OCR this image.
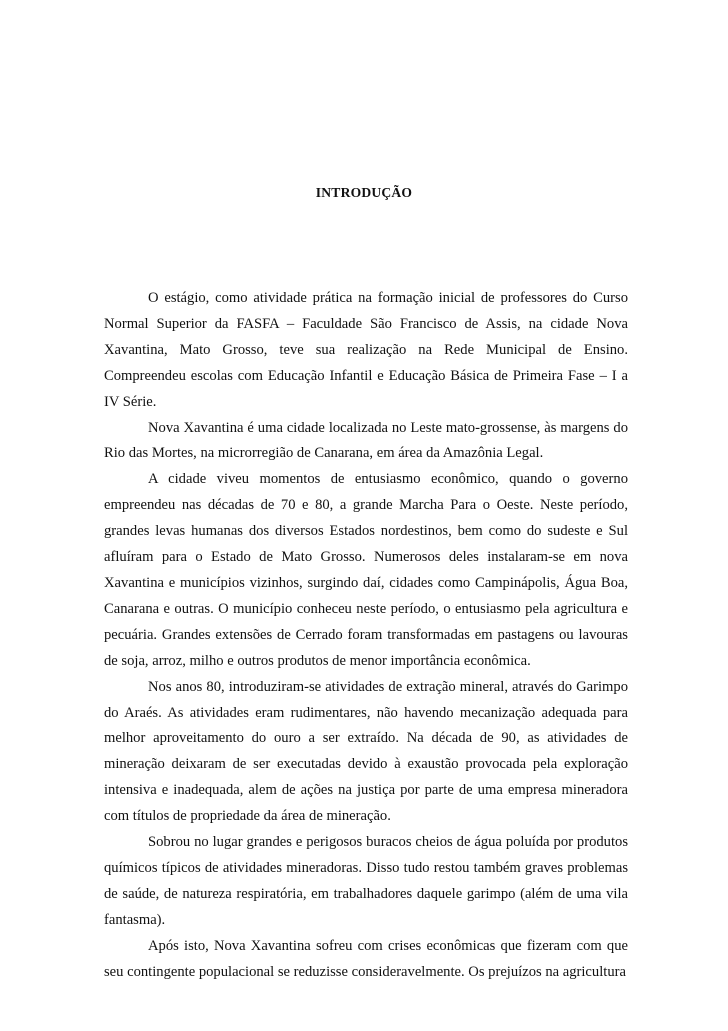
INTRODUÇÃO

O estágio, como atividade prática na formação inicial de professores do Curso Normal Superior da FASFA – Faculdade São Francisco de Assis, na cidade Nova Xavantina, Mato Grosso, teve sua realização na Rede Municipal de Ensino. Compreendeu escolas com Educação Infantil e Educação Básica de Primeira Fase – I a IV Série.

Nova Xavantina é uma cidade localizada no Leste mato-grossense, às margens do Rio das Mortes, na microrregião de Canarana, em área da Amazônia Legal.

A cidade viveu momentos de entusiasmo econômico, quando o governo empreendeu nas décadas de 70 e 80, a grande Marcha Para o Oeste. Neste período, grandes levas humanas dos diversos Estados nordestinos, bem como do sudeste e Sul afluíram para o Estado de Mato Grosso. Numerosos deles instalaram-se em nova Xavantina e municípios vizinhos, surgindo daí, cidades como Campinápolis, Água Boa, Canarana e outras. O município conheceu neste período, o entusiasmo pela agricultura e pecuária. Grandes extensões de Cerrado foram transformadas em pastagens ou lavouras de soja, arroz, milho e outros produtos de menor importância econômica.

Nos anos 80, introduziram-se atividades de extração mineral, através do Garimpo do Araés. As atividades eram rudimentares, não havendo mecanização adequada para melhor aproveitamento do ouro a ser extraído. Na década de 90, as atividades de mineração deixaram de ser executadas devido à exaustão provocada pela exploração intensiva e inadequada, alem de ações na justiça por parte de uma empresa mineradora com títulos de propriedade da área de mineração.

Sobrou no lugar grandes e perigosos buracos cheios de água poluída por produtos químicos típicos de atividades mineradoras. Disso tudo restou também graves problemas de saúde, de natureza respiratória, em trabalhadores daquele garimpo (além de uma vila fantasma).

Após isto, Nova Xavantina sofreu com crises econômicas que fizeram com que seu contingente populacional se reduzisse consideravelmente. Os prejuízos na agricultura
